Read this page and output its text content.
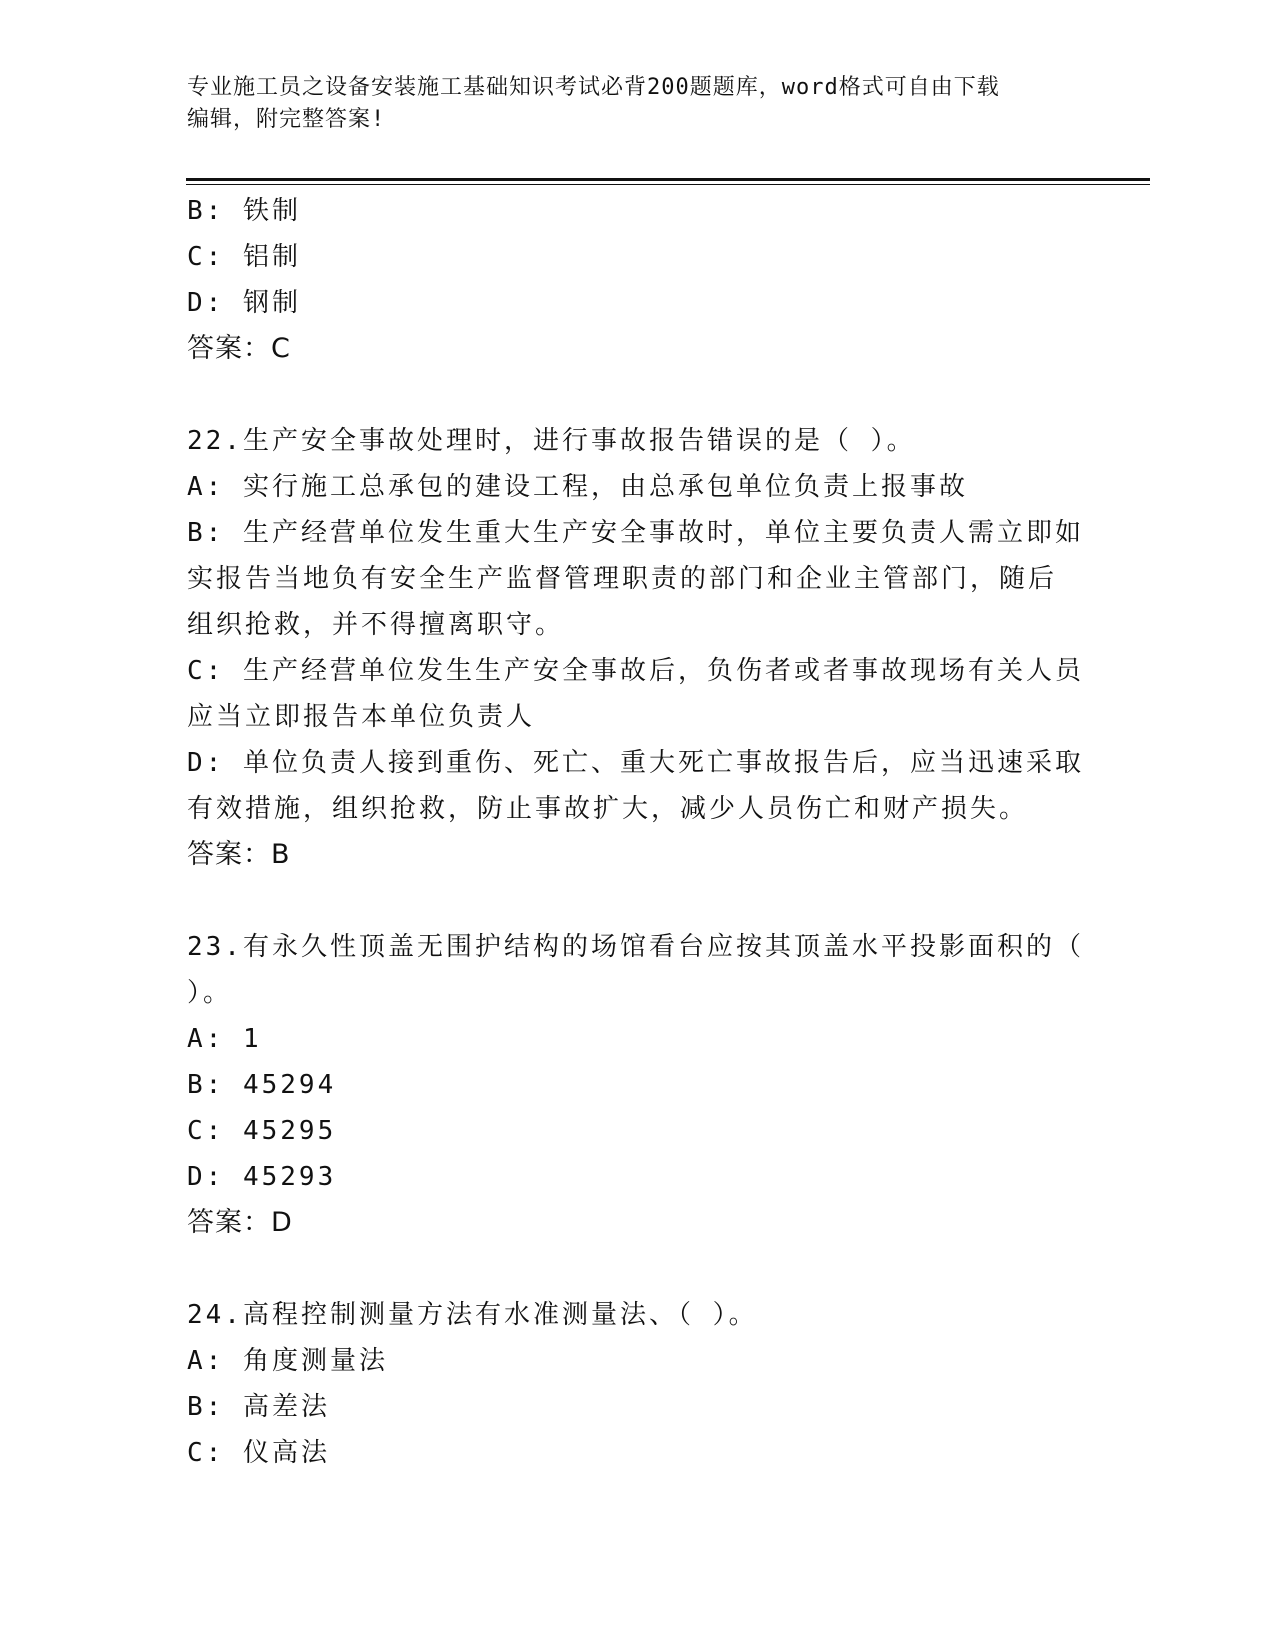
专业施工员之设备安装施工基础知识考试必背200题题库，word格式可自由下载
编辑，附完整答案!
B: 铁制
C: 铝制
D: 钢制
答案：C
22.生产安全事故处理时，进行事故报告错误的是（ ）。
A: 实行施工总承包的建设工程，由总承包单位负责上报事故
B: 生产经营单位发生重大生产安全事故时，单位主要负责人需立即如
实报告当地负有安全生产监督管理职责的部门和企业主管部门，随后
组织抢救，并不得擅离职守。
C: 生产经营单位发生生产安全事故后，负伤者或者事故现场有关人员
应当立即报告本单位负责人
D: 单位负责人接到重伤、死亡、重大死亡事故报告后，应当迅速采取
有效措施，组织抢救，防止事故扩大，减少人员伤亡和财产损失。
答案：B
23.有永久性顶盖无围护结构的场馆看台应按其顶盖水平投影面积的（
）。
A: 1
B: 45294
C: 45295
D: 45293
答案：D
24.高程控制测量方法有水准测量法、（ ）。
A: 角度测量法
B: 高差法
C: 仪高法
